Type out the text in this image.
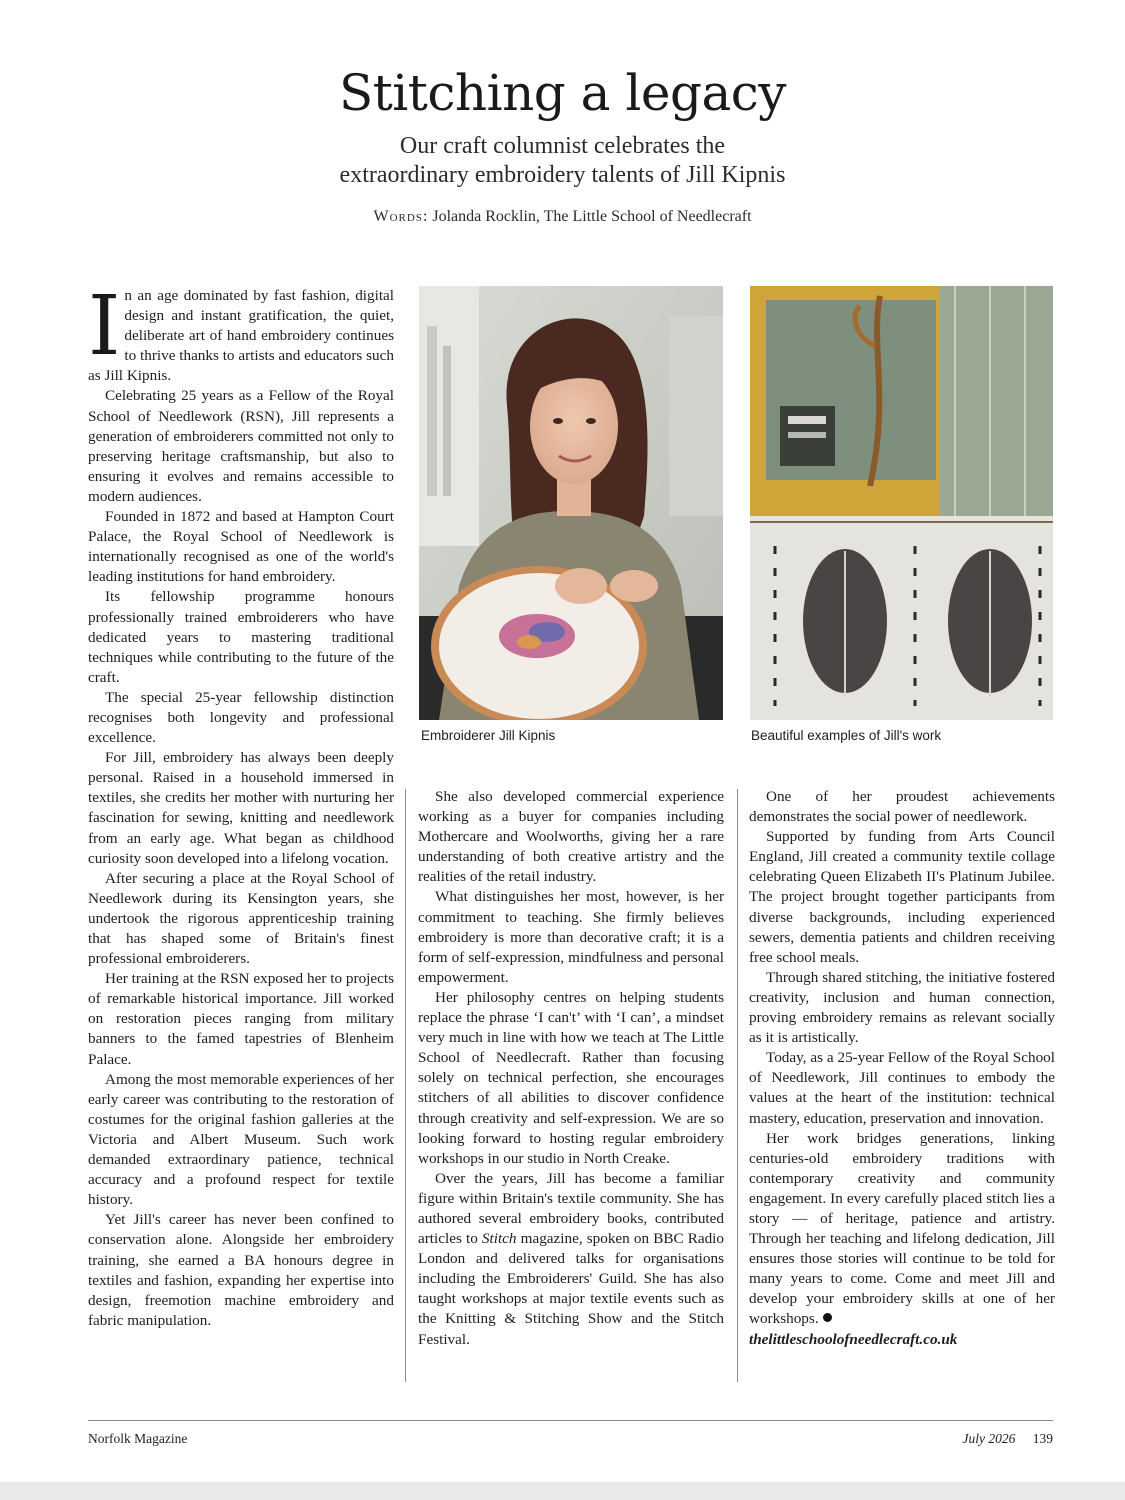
Stitching a legacy
Our craft columnist celebrates the
extraordinary embroidery talents of Jill Kipnis
Words: Jolanda Rocklin, The Little School of Needlecraft

In an age dominated by fast fashion, digital design and instant gratification, the quiet, deliberate art of hand embroidery continues to thrive thanks to artists and educators such as Jill Kipnis.

Celebrating 25 years as a Fellow of the Royal School of Needlework (RSN), Jill represents a generation of embroiderers committed not only to preserving heritage craftsmanship, but also to ensuring it evolves and remains accessible to modern audiences.

Founded in 1872 and based at Hampton Court Palace, the Royal School of Needlework is internationally recognised as one of the world's leading institutions for hand embroidery.

Its fellowship programme honours professionally trained embroiderers who have dedicated years to mastering traditional techniques while contributing to the future of the craft.

The special 25-year fellowship distinction recognises both longevity and professional excellence.

For Jill, embroidery has always been deeply personal. Raised in a household immersed in textiles, she credits her mother with nurturing her fascination for sewing, knitting and needlework from an early age. What began as childhood curiosity soon developed into a lifelong vocation.

After securing a place at the Royal School of Needlework during its Kensington years, she undertook the rigorous apprenticeship training that has shaped some of Britain's finest professional embroiderers.

Her training at the RSN exposed her to projects of remarkable historical importance. Jill worked on restoration pieces ranging from military banners to the famed tapestries of Blenheim Palace.

Among the most memorable experiences of her early career was contributing to the restoration of costumes for the original fashion galleries at the Victoria and Albert Museum. Such work demanded extraordinary patience, technical accuracy and a profound respect for textile history.

Yet Jill's career has never been confined to conservation alone. Alongside her embroidery training, she earned a BA honours degree in textiles and fashion, expanding her expertise into design, freemotion machine embroidery and fabric manipulation.

Embroiderer Jill Kipnis	Beautiful examples of Jill's work

She also developed commercial experience working as a buyer for companies including Mothercare and Woolworths, giving her a rare understanding of both creative artistry and the realities of the retail industry.

What distinguishes her most, however, is her commitment to teaching. She firmly believes embroidery is more than decorative craft; it is a form of self-expression, mindfulness and personal empowerment.

Her philosophy centres on helping students replace the phrase ‘I can't’ with ‘I can’, a mindset very much in line with how we teach at The Little School of Needlecraft. Rather than focusing solely on technical perfection, she encourages stitchers of all abilities to discover confidence through creativity and self-expression. We are so looking forward to hosting regular embroidery workshops in our studio in North Creake.

Over the years, Jill has become a familiar figure within Britain's textile community. She has authored several embroidery books, contributed articles to Stitch magazine, spoken on BBC Radio London and delivered talks for organisations including the Embroiderers' Guild. She has also taught workshops at major textile events such as the Knitting & Stitching Show and the Stitch Festival.

One of her proudest achievements demonstrates the social power of needlework.

Supported by funding from Arts Council England, Jill created a community textile collage celebrating Queen Elizabeth II's Platinum Jubilee. The project brought together participants from diverse backgrounds, including experienced sewers, dementia patients and children receiving free school meals.

Through shared stitching, the initiative fostered creativity, inclusion and human connection, proving embroidery remains as relevant socially as it is artistically.

Today, as a 25-year Fellow of the Royal School of Needlework, Jill continues to embody the values at the heart of the institution: technical mastery, education, preservation and innovation.

Her work bridges generations, linking centuries-old embroidery traditions with contemporary creativity and community engagement. In every carefully placed stitch lies a story — of heritage, patience and artistry. Through her teaching and lifelong dedication, Jill ensures those stories will continue to be told for many years to come. Come and meet Jill and develop your embroidery skills at one of her workshops.

thelittleschoolofneedlecraft.co.uk

Norfolk Magazine	July 2026 139
